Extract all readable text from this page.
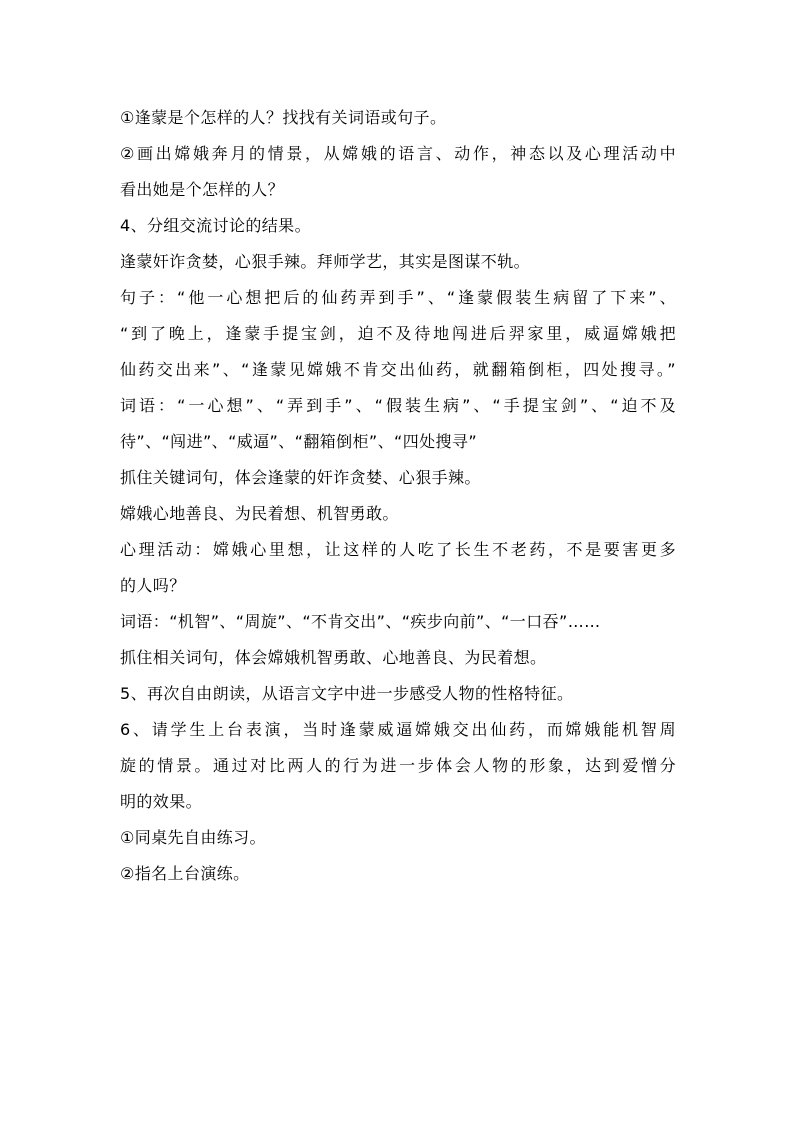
①逢蒙是个怎样的人？找找有关词语或句子。
②画出嫦娥奔月的情景，从嫦娥的语言、动作，神态以及心理活动中
看出她是个怎样的人？
4、分组交流讨论的结果。
逢蒙奸诈贪婪，心狠手辣。拜师学艺，其实是图谋不轨。
句子：“他一心想把后的仙药弄到手”、“逢蒙假装生病留了下来”、
“到了晚上，逢蒙手提宝剑，迫不及待地闯进后羿家里，威逼嫦娥把
仙药交出来”、“逢蒙见嫦娥不肯交出仙药，就翻箱倒柜，四处搜寻。”
词语：“一心想”、“弄到手”、“假装生病”、“手提宝剑”、“迫不及
待”、“闯进”、“威逼”、“翻箱倒柜”、“四处搜寻”
抓住关键词句，体会逢蒙的奸诈贪婪、心狠手辣。
嫦娥心地善良、为民着想、机智勇敢。
心理活动：嫦娥心里想，让这样的人吃了长生不老药，不是要害更多
的人吗？
词语：“机智”、“周旋”、“不肯交出”、“疾步向前”、“一口吞”……
抓住相关词句，体会嫦娥机智勇敢、心地善良、为民着想。
5、再次自由朗读，从语言文字中进一步感受人物的性格特征。
6、请学生上台表演，当时逢蒙威逼嫦娥交出仙药，而嫦娥能机智周
旋的情景。通过对比两人的行为进一步体会人物的形象，达到爱憎分
明的效果。
①同桌先自由练习。
②指名上台演练。
